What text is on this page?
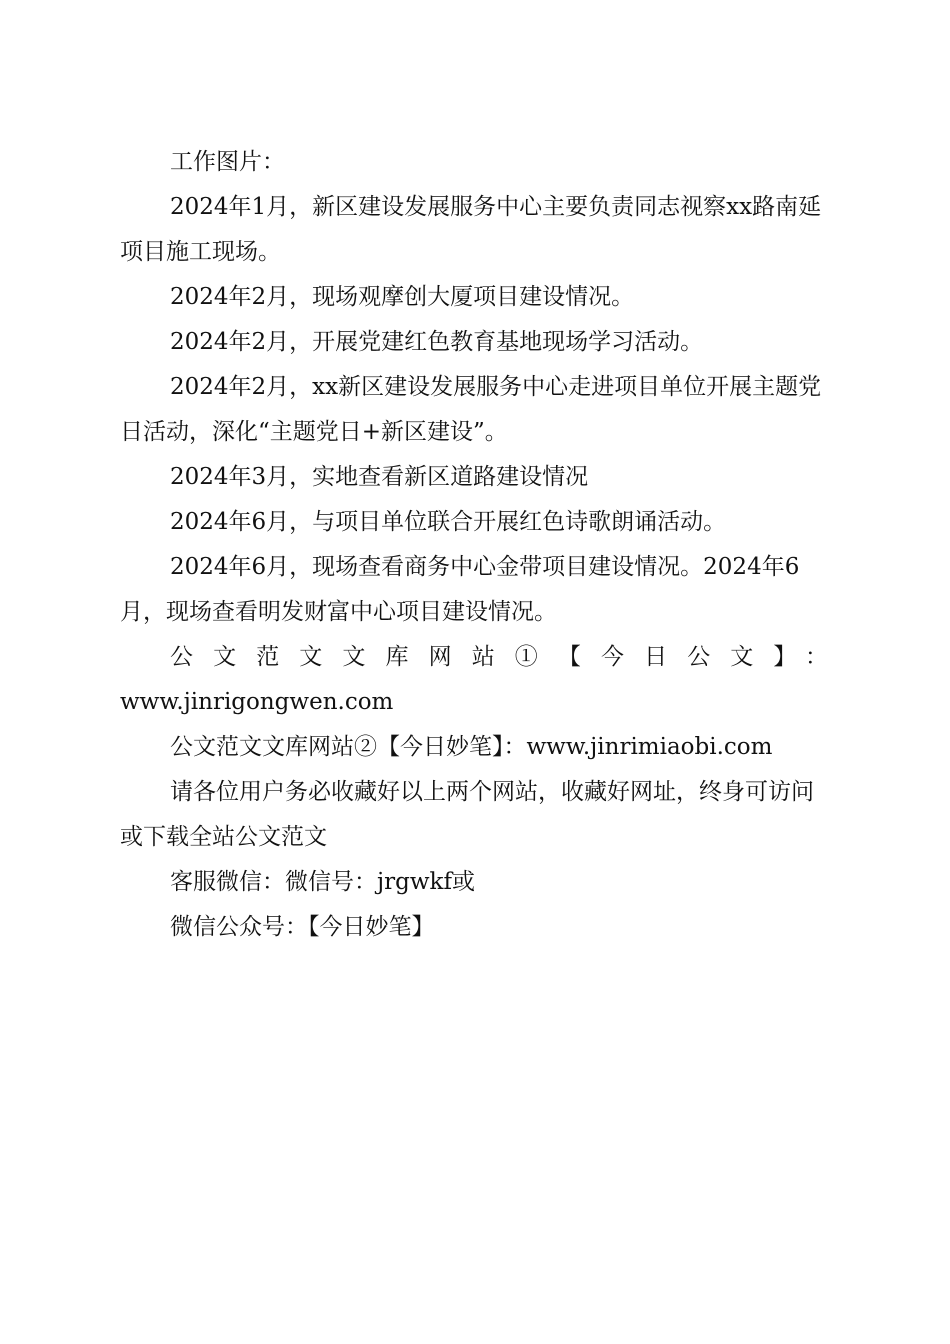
工作图片：

2024年1月，新区建设发展服务中心主要负责同志视察xx路南延项目施工现场。

2024年2月，现场观摩创大厦项目建设情况。

2024年2月，开展党建红色教育基地现场学习活动。

2024年2月，xx新区建设发展服务中心走进项目单位开展主题党日活动，深化“主题党日+新区建设”。

2024年3月，实地查看新区道路建设情况

2024年6月，与项目单位联合开展红色诗歌朗诵活动。

2024年6月，现场查看商务中心金带项目建设情况。2024年6月，现场查看明发财富中心项目建设情况。

公文范文文库网站①【今日公文】：

www.jinrigongwen.com

公文范文文库网站②【今日妙笔】：www.jinrimiaobi.com

请各位用户务必收藏好以上两个网站，收藏好网址，终身可访问或下载全站公文范文

客服微信：微信号：jrgwkf或

微信公众号：【今日妙笔】
